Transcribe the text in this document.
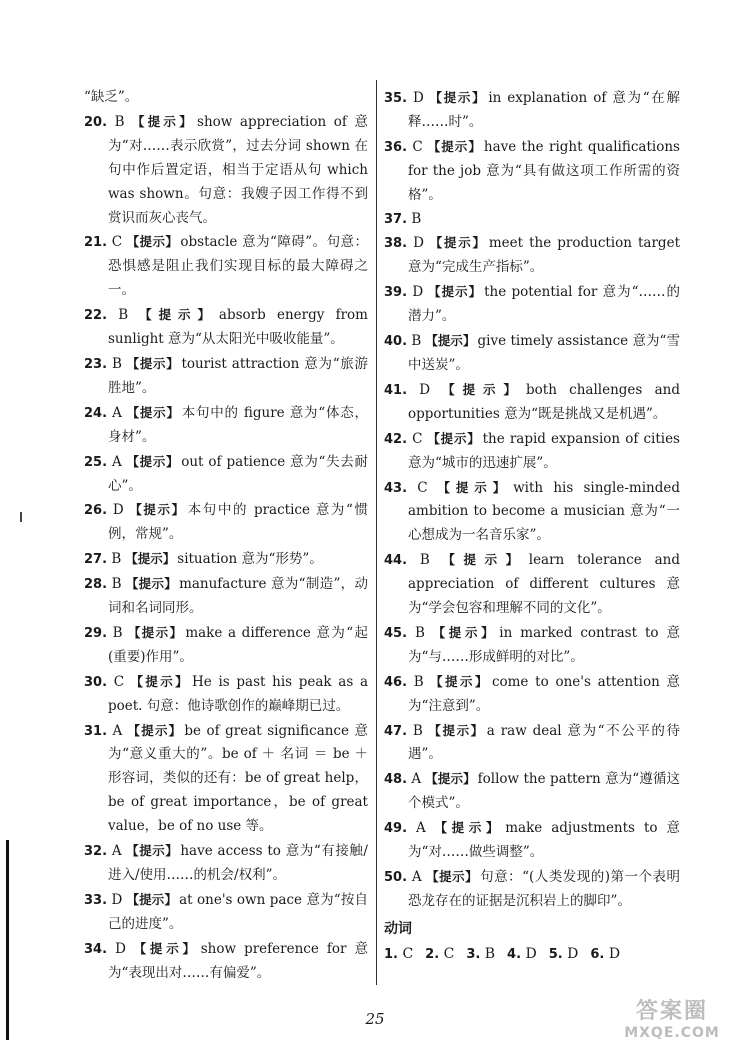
“缺乏”。
20. B 【提示】 show appreciation of 意为“对……表示欣赏”，过去分词 shown 在句中作后置定语，相当于定语从句 which was shown。句意：我嫂子因工作得不到赏识而灰心丧气。
21. C 【提示】 obstacle 意为“障碍”。句意：恐惧感是阻止我们实现目标的最大障碍之一。
22. B 【提示】 absorb energy from sunlight 意为“从太阳光中吸收能量”。
23. B 【提示】 tourist attraction 意为“旅游胜地”。
24. A 【提示】 本句中的 figure 意为“体态，身材”。
25. A 【提示】 out of patience 意为“失去耐心”。
26. D 【提示】 本句中的 practice 意为“惯例，常规”。
27. B 【提示】 situation 意为“形势”。
28. B 【提示】 manufacture 意为“制造”，动词和名词同形。
29. B 【提示】 make a difference 意为“起(重要)作用”。
30. C 【提示】 He is past his peak as a poet. 句意：他诗歌创作的巅峰期已过。
31. A 【提示】 be of great significance 意为“意义重大的”。be of ＋ 名词 ＝ be ＋形容词，类似的还有：be of great help，be of great importance，be of great value，be of no use 等。
32. A 【提示】 have access to 意为“有接触/进入/使用……的机会/权利”。
33. D 【提示】 at one's own pace 意为“按自己的进度”。
34. D 【提示】 show preference for 意为“表现出对……有偏爱”。
35. D 【提示】 in explanation of 意为“在解释……时”。
36. C 【提示】 have the right qualifications for the job 意为“具有做这项工作所需的资格”。
37. B
38. D 【提示】 meet the production target 意为“完成生产指标”。
39. D 【提示】 the potential for 意为“……的潜力”。
40. B 【提示】 give timely assistance 意为“雪中送炭”。
41. D 【提示】 both challenges and opportunities 意为“既是挑战又是机遇”。
42. C 【提示】 the rapid expansion of cities 意为“城市的迅速扩展”。
43. C 【提示】 with his single-minded ambition to become a musician 意为“一心想成为一名音乐家”。
44. B 【提示】 learn tolerance and appreciation of different cultures 意为“学会包容和理解不同的文化”。
45. B 【提示】 in marked contrast to 意为“与……形成鲜明的对比”。
46. B 【提示】 come to one's attention 意为“注意到”。
47. B 【提示】 a raw deal 意为“不公平的待遇”。
48. A 【提示】 follow the pattern 意为“遵循这个模式”。
49. A 【提示】 make adjustments to 意为“对……做些调整”。
50. A 【提示】 句意：“(人类发现的)第一个表明恐龙存在的证据是沉积岩上的脚印”。
动词
1. C 2. C 3. B 4. D 5. D 6. D
25	答案圈
MXQE.COM
